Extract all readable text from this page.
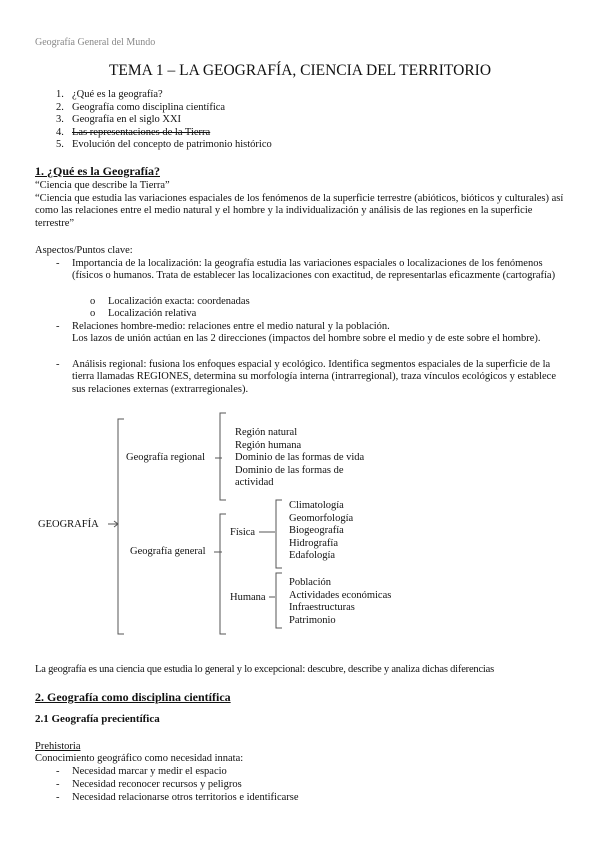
Geografía General del Mundo
TEMA 1 – LA GEOGRAFÍA, CIENCIA DEL TERRITORIO
1. ¿Qué es la geografía?
2. Geografía como disciplina científica
3. Geografía en el siglo XXI
4. Las representaciones de la Tierra
5. Evolución del concepto de patrimonio histórico
1. ¿Qué es la Geografía?
“Ciencia que describe la Tierra”
“Ciencia que estudia las variaciones espaciales de los fenómenos de la superficie terrestre (abióticos, bióticos y culturales) así como las relaciones entre el medio natural y el hombre y la individualización y análisis de las regiones en la superficie terrestre”
Aspectos/Puntos clave:
- Importancia de la localización: la geografía estudia las variaciones espaciales o localizaciones de los fenómenos (físicos o humanos. Trata de establecer las localizaciones con exactitud, de representarlas eficazmente (cartografía)
o Localización exacta: coordenadas
o Localización relativa
- Relaciones hombre-medio: relaciones entre el medio natural y la población.
Los lazos de unión actúan en las 2 direcciones (impactos del hombre sobre el medio y de este sobre el hombre).
- Análisis regional: fusiona los enfoques espacial y ecológico. Identifica segmentos espaciales de la superficie de la tierra llamadas REGIONES, determina su morfología interna (intrarregional), traza vínculos ecológicos y establece sus relaciones externas (extrarregionales).
GEOGRAFÍA
Geografía regional
Región natural
Región humana
Dominio de las formas de vida
Dominio de las formas de
actividad
Geografía general
Física
Climatología
Geomorfología
Biogeografía
Hidrografía
Edafología
Humana
Población
Actividades económicas
Infraestructuras
Patrimonio
La geografía es una ciencia que estudia lo general y lo excepcional: descubre, describe y analiza dichas diferencias
2. Geografía como disciplina científica
2.1 Geografía precientífica
Prehistoria
Conocimiento geográfico como necesidad innata:
- Necesidad marcar y medir el espacio
- Necesidad reconocer recursos y peligros
- Necesidad relacionarse otros territorios e identificarse
